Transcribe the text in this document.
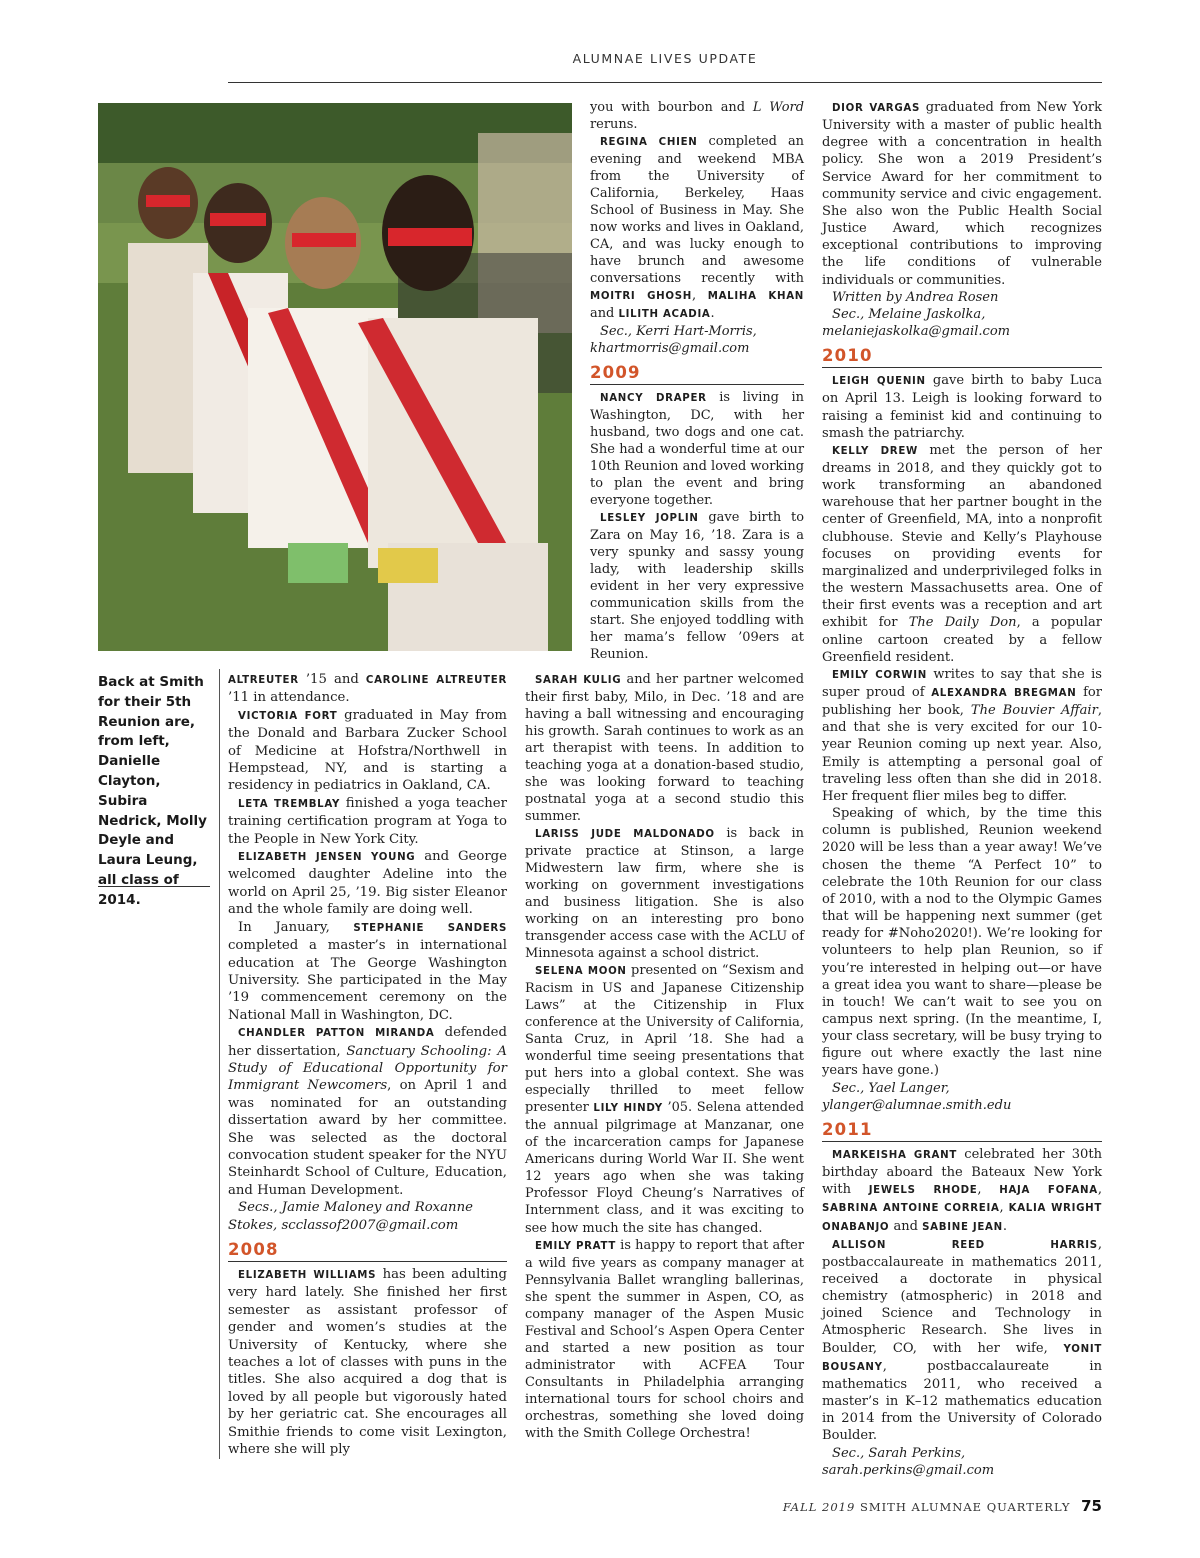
ALUMNAE LIVES UPDATE
Back at Smith for their 5th Reunion are, from left, Danielle Clayton, Subira Nedrick, Molly Deyle and Laura Leung, all class of 2014.

ALTREUTER ’15 and CAROLINE ALTREUTER ’11 in attendance.

VICTORIA FORT graduated in May from the Donald and Barbara Zucker School of Medicine at Hofstra/Northwell in Hempstead, NY, and is starting a residency in pediatrics in Oakland, CA.

LETA TREMBLAY finished a yoga teacher training certification program at Yoga to the People in New York City.

ELIZABETH JENSEN YOUNG and George welcomed daughter Adeline into the world on April 25, ’19. Big sister Eleanor and the whole family are doing well.

In January, STEPHANIE SANDERS completed a master’s in international education at The George Washington University. She participated in the May ’19 commencement ceremony on the National Mall in Washington, DC.

CHANDLER PATTON MIRANDA defended her dissertation, Sanctuary Schooling: A Study of Educational Opportunity for Immigrant Newcomers, on April 1 and was nominated for an outstanding dissertation award by her committee. She was selected as the doctoral convocation student speaker for the NYU Steinhardt School of Culture, Education, and Human Development.

Secs., Jamie Maloney and Roxanne Stokes, scclassof2007@gmail.com

2008

ELIZABETH WILLIAMS has been adulting very hard lately. She finished her first semester as assistant professor of gender and women’s studies at the University of Kentucky, where she teaches a lot of classes with puns in the titles. She also acquired a dog that is loved by all people but vigorously hated by her geriatric cat. She encourages all Smithie friends to come visit Lexington, where she will ply

you with bourbon and L Word reruns.

REGINA CHIEN completed an evening and weekend MBA from the University of California, Berkeley, Haas School of Business in May. She now works and lives in Oakland, CA, and was lucky enough to have brunch and awesome conversations recently with MOITRI GHOSH, MALIHA KHAN and LILITH ACADIA.

Sec., Kerri Hart-Morris,

khartmorris@gmail.com

2009

NANCY DRAPER is living in Washington, DC, with her husband, two dogs and one cat. She had a wonderful time at our 10th Reunion and loved working to plan the event and bring everyone together.

LESLEY JOPLIN gave birth to Zara on May 16, ’18. Zara is a very spunky and sassy young lady, with leadership skills evident in her very expressive communication skills from the start. She enjoyed toddling with her mama’s fellow ’09ers at Reunion.

SARAH KULIG and her partner welcomed their first baby, Milo, in Dec. ’18 and are having a ball witnessing and encouraging his growth. Sarah continues to work as an art therapist with teens. In addition to teaching yoga at a donation-based studio, she was looking forward to teaching postnatal yoga at a second studio this summer.

LARISS JUDE MALDONADO is back in private practice at Stinson, a large Midwestern law firm, where she is working on government investigations and business litigation. She is also working on an interesting pro bono transgender access case with the ACLU of Minnesota against a school district.

SELENA MOON presented on “Sexism and Racism in US and Japanese Citizenship Laws” at the Citizenship in Flux conference at the University of California, Santa Cruz, in April ’18. She had a wonderful time seeing presentations that put hers into a global context. She was especially thrilled to meet fellow presenter LILY HINDY ’05. Selena attended the annual pilgrimage at Manzanar, one of the incarceration camps for Japanese Americans during World War II. She went 12 years ago when she was taking Professor Floyd Cheung’s Narratives of Internment class, and it was exciting to see how much the site has changed.

EMILY PRATT is happy to report that after a wild five years as company manager at Pennsylvania Ballet wrangling ballerinas, she spent the summer in Aspen, CO, as company manager of the Aspen Music Festival and School’s Aspen Opera Center and started a new position as tour administrator with ACFEA Tour Consultants in Philadelphia arranging international tours for school choirs and orchestras, something she loved doing with the Smith College Orchestra!

DIOR VARGAS graduated from New York University with a master of public health degree with a concentration in health policy. She won a 2019 President’s Service Award for her commitment to community service and civic engagement. She also won the Public Health Social Justice Award, which recognizes exceptional contributions to improving the life conditions of vulnerable individuals or communities.

Written by Andrea Rosen

Sec., Melaine Jaskolka,

melaniejaskolka@gmail.com

2010

LEIGH QUENIN gave birth to baby Luca on April 13. Leigh is looking forward to raising a feminist kid and continuing to smash the patriarchy.

KELLY DREW met the person of her dreams in 2018, and they quickly got to work transforming an abandoned warehouse that her partner bought in the center of Greenfield, MA, into a nonprofit clubhouse. Stevie and Kelly’s Playhouse focuses on providing events for marginalized and underprivileged folks in the western Massachusetts area. One of their first events was a reception and art exhibit for The Daily Don, a popular online cartoon created by a fellow Greenfield resident.

EMILY CORWIN writes to say that she is super proud of ALEXANDRA BREGMAN for publishing her book, The Bouvier Affair, and that she is very excited for our 10-year Reunion coming up next year. Also, Emily is attempting a personal goal of traveling less often than she did in 2018. Her frequent flier miles beg to differ.

Speaking of which, by the time this column is published, Reunion weekend 2020 will be less than a year away! We’ve chosen the theme “A Perfect 10” to celebrate the 10th Reunion for our class of 2010, with a nod to the Olympic Games that will be happening next summer (get ready for #Noho2020!). We’re looking for volunteers to help plan Reunion, so if you’re interested in helping out—or have a great idea you want to share—please be in touch! We can’t wait to see you on campus next spring. (In the meantime, I, your class secretary, will be busy trying to figure out where exactly the last nine years have gone.)

Sec., Yael Langer,

ylanger@alumnae.smith.edu

2011

MARKEISHA GRANT celebrated her 30th birthday aboard the Bateaux New York with JEWELS RHODE, HAJA FOFANA, SABRINA ANTOINE CORREIA, KALIA WRIGHT ONABANJO and SABINE JEAN.

ALLISON REED HARRIS, postbaccalaureate in mathematics 2011, received a doctorate in physical chemistry (atmospheric) in 2018 and joined Science and Technology in Atmospheric Research. She lives in Boulder, CO, with her wife, YONIT BOUSANY, postbaccalaureate in mathematics 2011, who received a master’s in K–12 mathematics education in 2014 from the University of Colorado Boulder.

Sec., Sarah Perkins,

sarah.perkins@gmail.com

FALL 2019 SMITH ALUMNAE QUARTERLY 75
